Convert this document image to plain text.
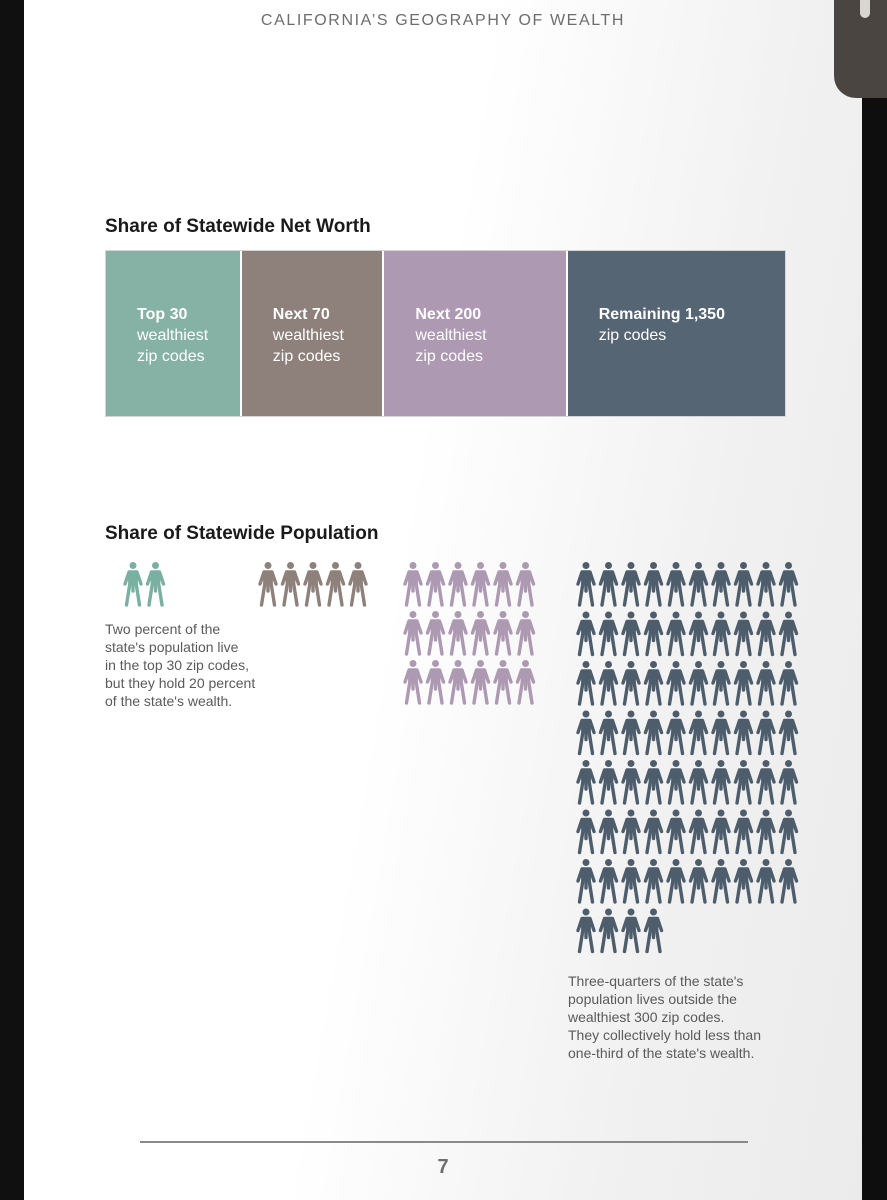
CALIFORNIA’S GEOGRAPHY OF WEALTH
Share of Statewide Net Worth
Top 30
wealthiest
zip codes
Next 70
wealthiest
zip codes
Next 200
wealthiest
zip codes
Remaining 1,350
zip codes
Share of Statewide Population
Two percent of the
state's population live
in the top 30 zip codes,
but they hold 20 percent
of the state's wealth.
Three-quarters of the state's
population lives outside the
wealthiest 300 zip codes.
They collectively hold less than
one-third of the state's wealth.
7
